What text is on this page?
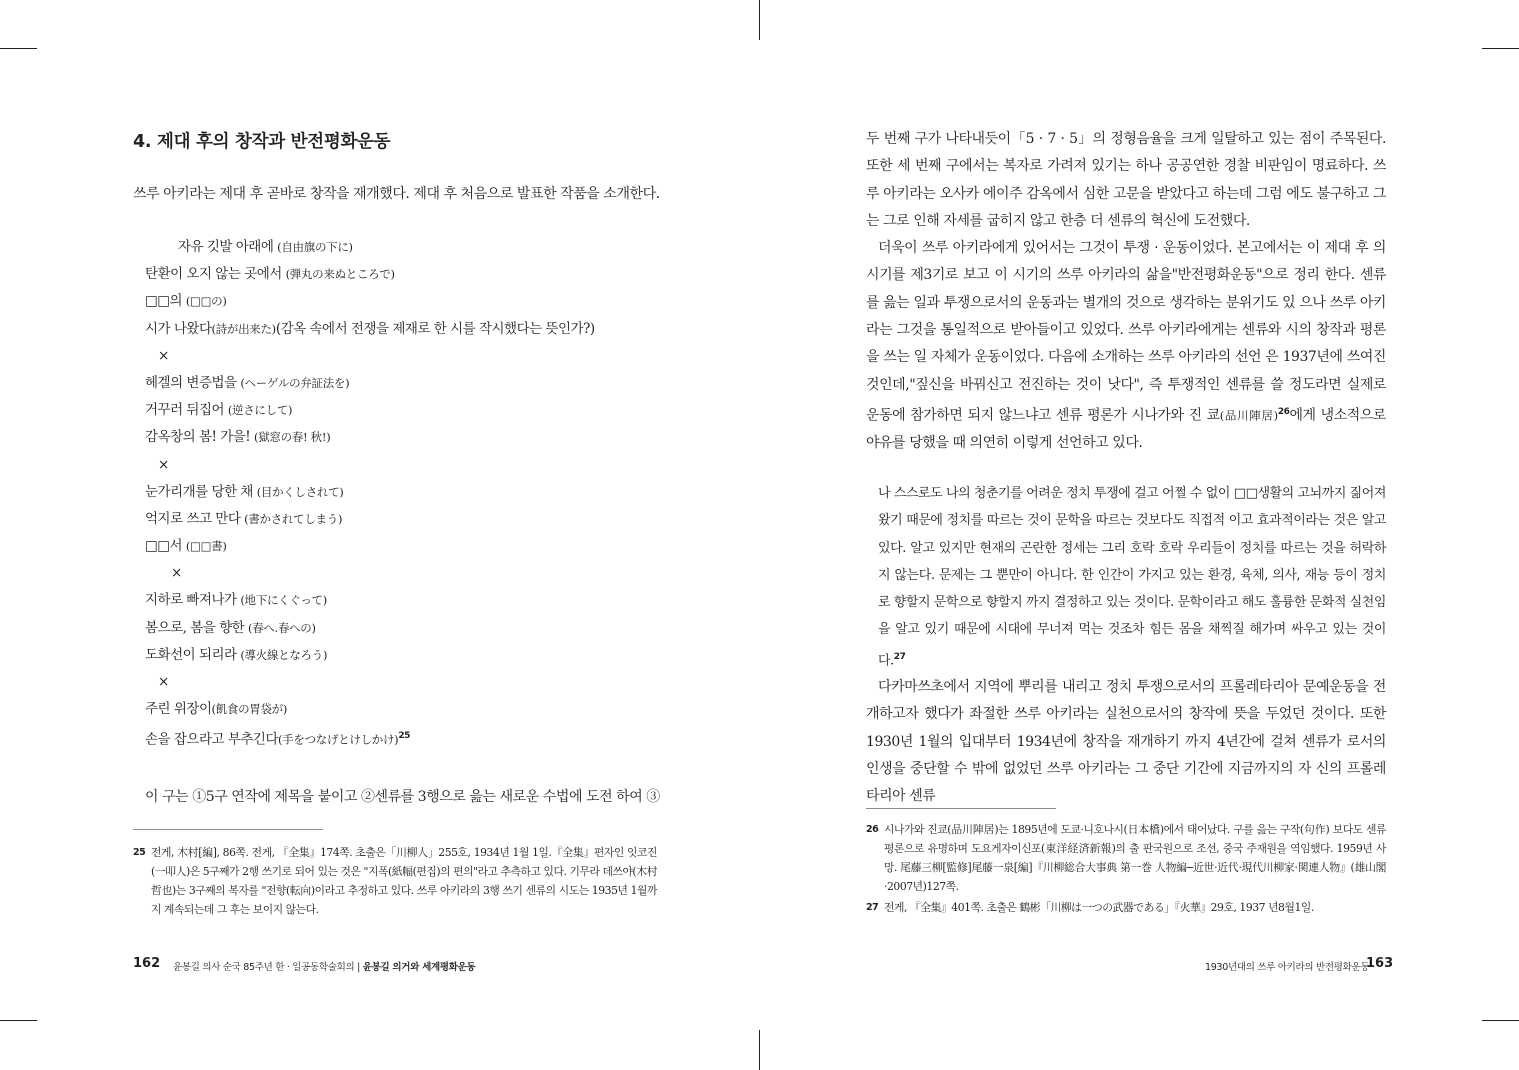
4. 제대 후의 창작과 반전평화운동

쓰루 아키라는 제대 후 곧바로 창작을 재개했다. 제대 후 처음으로 발표한 작품을 소개한다.

자유 깃발 아래에 (自由旗の下に)
탄환이 오지 않는 곳에서 (弾丸の来ぬところで)
□□의 (□□の)
시가 나왔다(詩が出来た)(감옥 속에서 전쟁을 제재로 한 시를 작시했다는 뜻인가?)
×
헤겔의 변증법을 (ヘーゲルの弁証法を)
거꾸러 뒤집어 (逆さにして)
감옥창의 봄! 가을! (獄窓の春! 秋!)
×
눈가리개를 당한 채 (目かくしされて)
억지로 쓰고 만다 (書かされてしまう)
□□서 (□□書)
×
지하로 빠져나가 (地下にくぐって)
봄으로, 봄을 향한 (春へ.春への)
도화선이 되리라 (導火線となろう)
×
주린 위장이(飢食の胃袋が)
손을 잡으라고 부추긴다(手をつなげとけしかけ)$^{25}$

이 구는 ①5구 연작에 제목을 붙이고 ②센류를 3행으로 읊는 새로운 수법에 도전 하여 ③

25 전게, 木村[編], 86쪽. 전게, 『全集』174쪽. 초출은「川柳人」255호, 1934년 1월 1일.『全集』편자인 잇코진(一叩人)은 5구째가 2행 쓰기로 되어 있는 것은 "지폭(紙幅(편집)의 편의"라고 추측하고 있다. 기무라 데쓰야(木村哲也)는 3구째의 복자를 "전향(転向)이라고 추정하고 있다. 쓰루 아키라의 3행 쓰기 센류의 시도는 1935년 1월까지 계속되는데 그 후는 보이지 않는다.
162 윤봉길 의사 순국 85주년 한 · 일공동학술회의 | 윤봉길 의거와 세계평화운동

두 번째 구가 나타내듯이「5 · 7 · 5」의 정형음율을 크게 일탈하고 있는 점이 주목된다. 또한 세 번째 구에서는 복자로 가려져 있기는 하나 공공연한 경찰 비판임이 명료하다. 쓰루 아키라는 오사카 에이주 감옥에서 심한 고문을 받았다고 하는데 그럼 에도 불구하고 그는 그로 인해 자세를 굽히지 않고 한층 더 센류의 혁신에 도전했다.

더욱이 쓰루 아키라에게 있어서는 그것이 투쟁 · 운동이었다. 본고에서는 이 제대 후 의 시기를 제3기로 보고 이 시기의 쓰루 아키라의 삶을"반전평화운동"으로 정리 한다. 센류를 읊는 일과 투쟁으로서의 운동과는 별개의 것으로 생각하는 분위기도 있 으나 쓰루 아키라는 그것을 통일적으로 받아들이고 있었다. 쓰루 아키라에게는 센류와 시의 창작과 평론을 쓰는 일 자체가 운동이었다. 다음에 소개하는 쓰루 아키라의 선언 은 1937년에 쓰여진 것인데,"짚신을 바꿔신고 전진하는 것이 낫다", 즉 투쟁적인 센류를 쓸 정도라면 실제로 운동에 참가하면 되지 않느냐고 센류 평론가 시나가와 진 쿄(品川陣居)$^{26}$에게 냉소적으로 야유를 당했을 때 의연히 이렇게 선언하고 있다.

나 스스로도 나의 청춘기를 어려운 정치 투쟁에 걸고 어쩔 수 없이 □□생활의 고뇌까지 짊어져 왔기 때문에 정치를 따르는 것이 문학을 따르는 것보다도 직접적 이고 효과적이라는 것은 알고 있다. 알고 있지만 현재의 곤란한 정세는 그리 호락 호락 우리들이 정치를 따르는 것을 허락하지 않는다. 문제는 그 뿐만이 아니다. 한 인간이 가지고 있는 환경, 육체, 의사, 재능 등이 정치로 향할지 문학으로 향할지 까지 결정하고 있는 것이다. 문학이라고 해도 훌륭한 문화적 실천임을 알고 있기 때문에 시대에 무너져 먹는 것조차 힘든 몸을 채찍질 해가며 싸우고 있는 것이다.$^{27}$

다카마쓰초에서 지역에 뿌리를 내리고 정치 투쟁으로서의 프롤레타리아 문예운동을 전개하고자 했다가 좌절한 쓰루 아키라는 실천으로서의 창작에 뜻을 두었던 것이다. 또한 1930년 1월의 입대부터 1934년에 창작을 재개하기 까지 4년간에 걸쳐 센류가 로서의 인생을 중단할 수 밖에 없었던 쓰루 아키라는 그 중단 기간에 지금까지의 자 신의 프롤레타리아 센류

26 시나가와 진쿄(品川陣居)는 1895년에 도쿄·니호나시(日本橋)에서 태어났다. 구를 읊는 구작(句作) 보다도 센류평론으로 유명하며 도요게자이신포(東洋経済新報)의 출 판국원으로 조선, 중국 주재원을 역임했다. 1959년 사망. 尾藤三柳[監修]尾藤一泉[編]『川柳総合大事典 第一巻 人物編─近世·近代·現代川柳家·関連人物』(雄山閣·2007년)127쪽.
27 전게, 『全集』401쪽. 초출은 鶴彬「川柳は一つの武器である」『火華』29호, 1937 년8월1일.
1930년대의 쓰루 아키라의 반전평화운동
163
